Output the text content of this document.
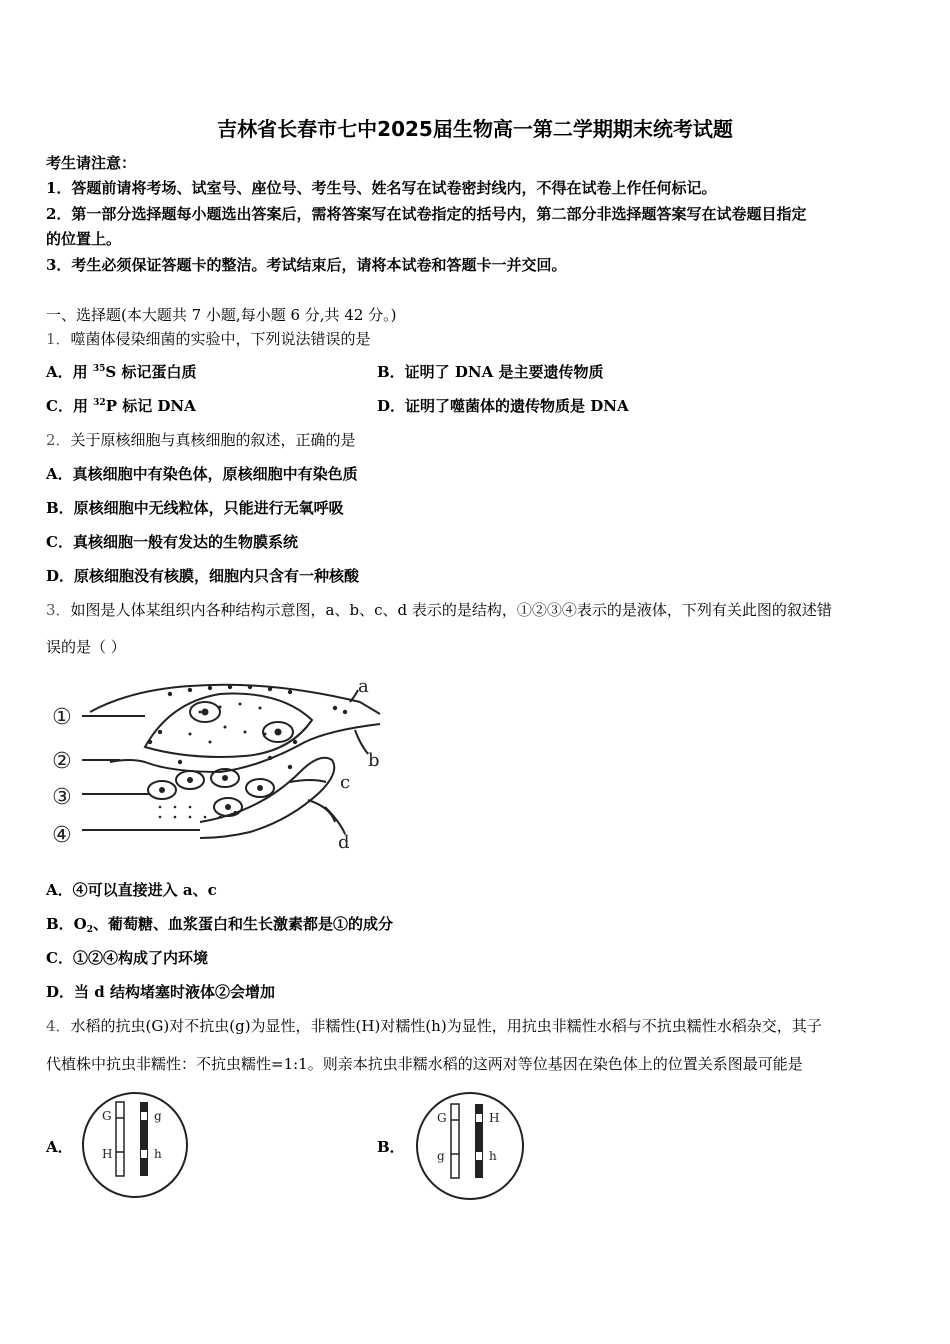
吉林省长春市七中2025届生物高一第二学期期末统考试题
考生请注意：
1．答题前请将考场、试室号、座位号、考生号、姓名写在试卷密封线内，不得在试卷上作任何标记。
2．第一部分选择题每小题选出答案后，需将答案写在试卷指定的括号内，第二部分非选择题答案写在试卷题目指定
的位置上。
3．考生必须保证答题卡的整洁。考试结束后，请将本试卷和答题卡一并交回。
一、选择题(本大题共 7 小题,每小题 6 分,共 42 分。)
1．噬菌体侵染细菌的实验中，下列说法错误的是
A．用 $^{35}$S 标记蛋白质	B．证明了 DNA 是主要遗传物质
C．用 $^{32}$P 标记 DNA	D．证明了噬菌体的遗传物质是 DNA
2．关于原核细胞与真核细胞的叙述，正确的是
A．真核细胞中有染色体，原核细胞中有染色质
B．原核细胞中无线粒体，只能进行无氧呼吸
C．真核细胞一般有发达的生物膜系统
D．原核细胞没有核膜，细胞内只含有一种核酸
3．如图是人体某组织内各种结构示意图，a、b、c、d 表示的是结构，①②③④表示的是液体，下列有关此图的叙述错
误的是（ ）
①
②
③
④
a
b
c
d
A．④可以直接进入 a、c
B．$O_2$、葡萄糖、血浆蛋白和生长激素都是①的成分
C．①②④构成了内环境
D．当 d 结构堵塞时液体②会增加
4．水稻的抗虫(G)对不抗虫(g)为显性，非糯性(H)对糯性(h)为显性，用抗虫非糯性水稻与不抗虫糯性水稻杂交，其子
代植株中抗虫非糯性：不抗虫糯性=1:1。则亲本抗虫非糯水稻的这两对等位基因在染色体上的位置关系图最可能是
A．
G
H
g
h	B．
G
g
H
h
